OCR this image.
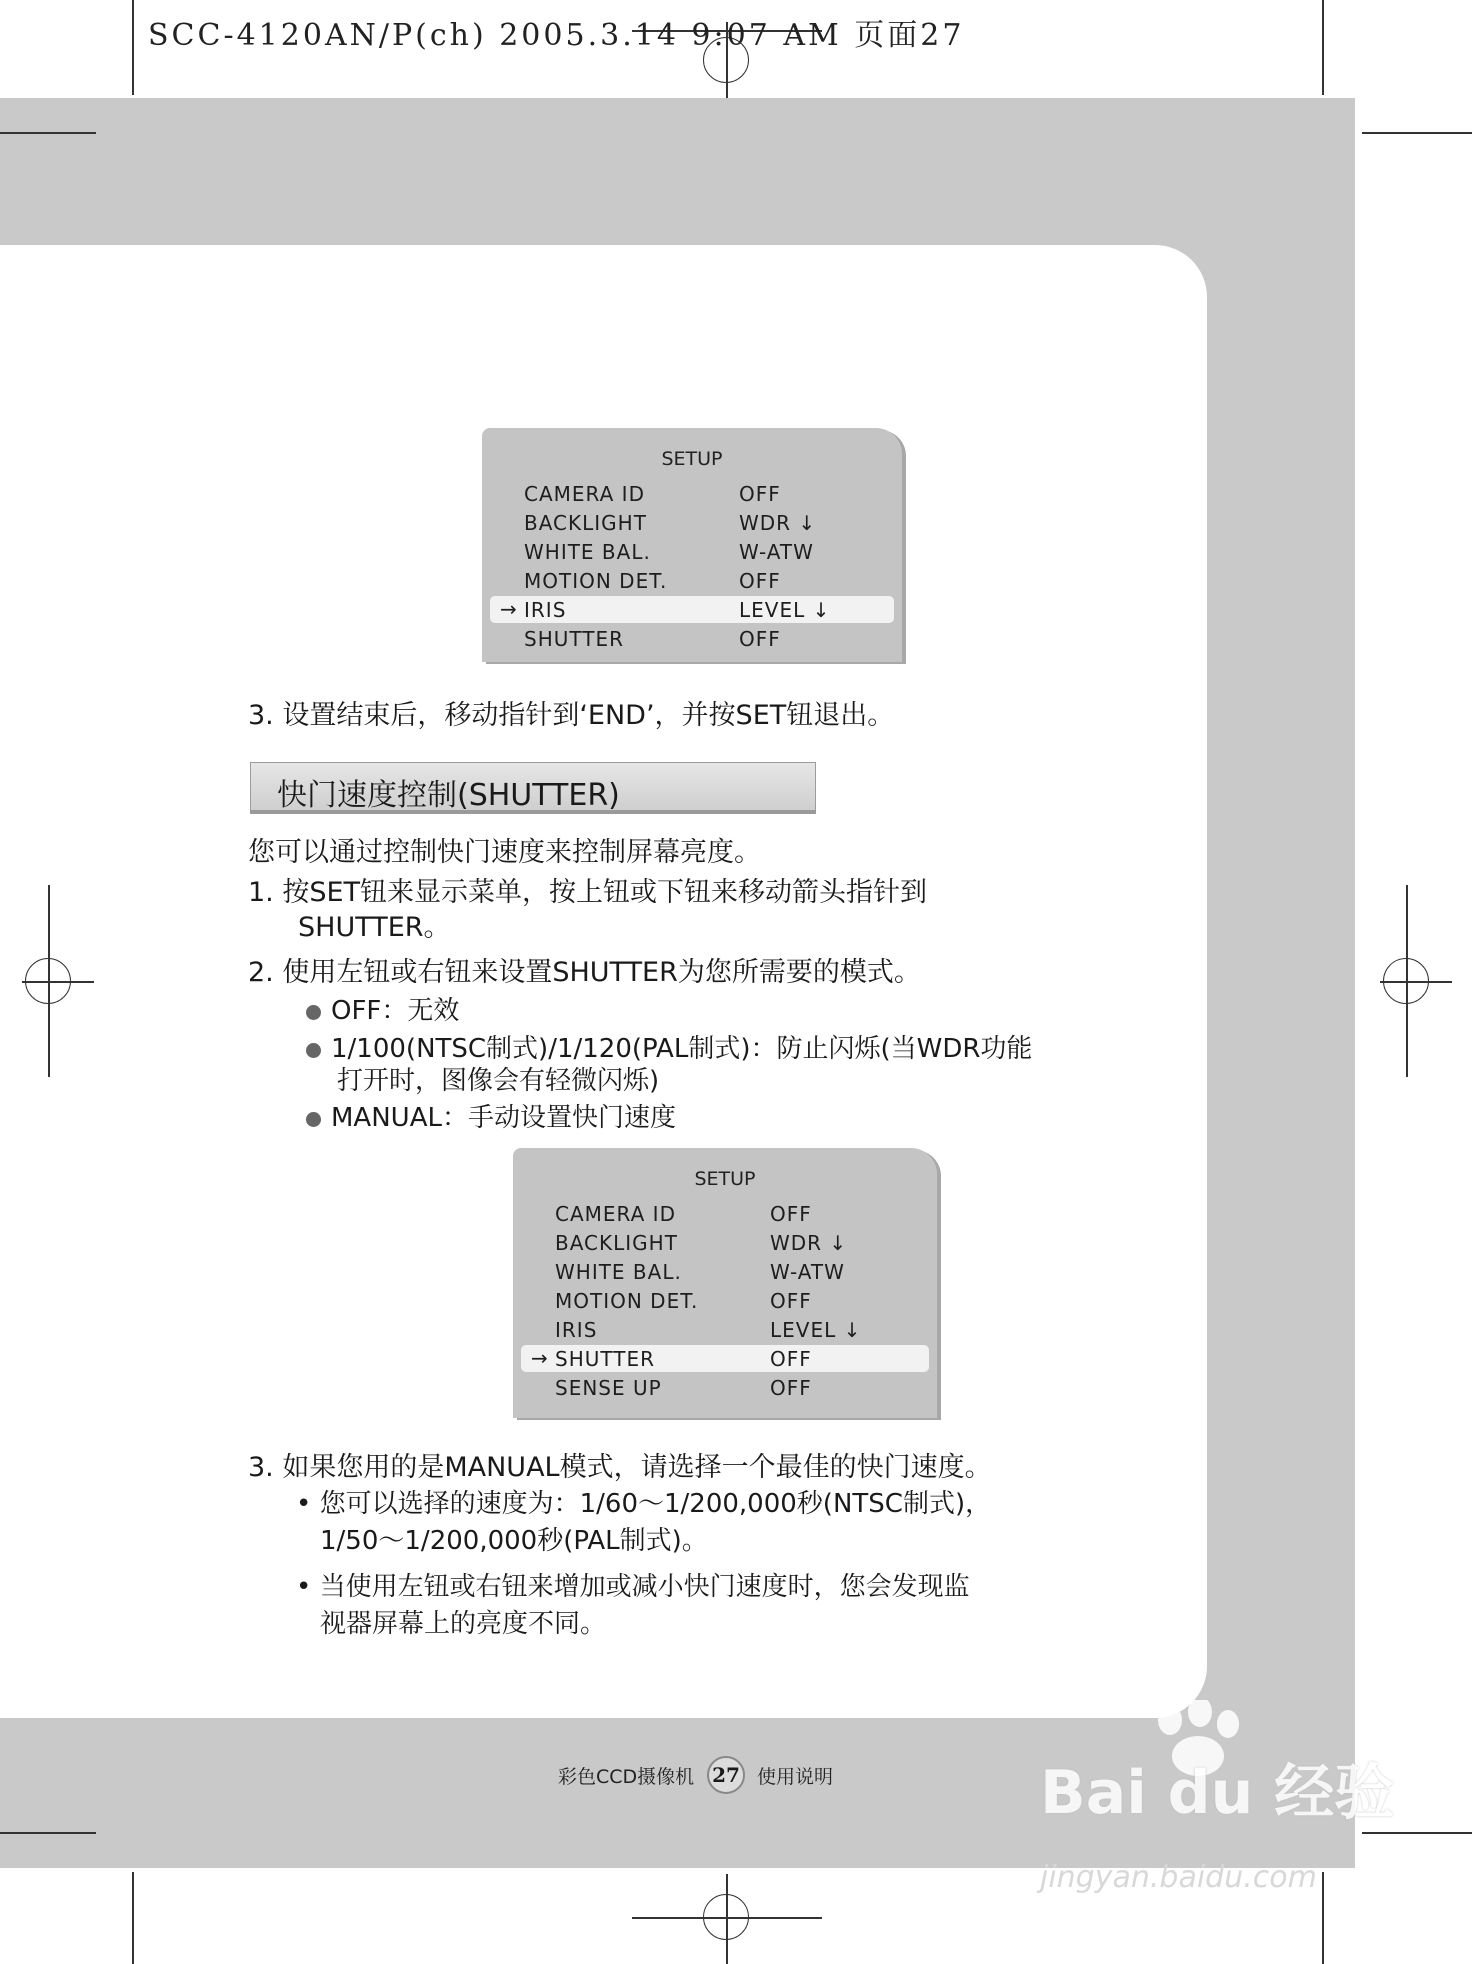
SCC-4120AN/P(ch) 2005.3.14 9:07 AM 页面27
SETUP
CAMERA ID	OFF
BACKLIGHT	WDR ↓
WHITE BAL.	W-ATW
MOTION DET.	OFF
→ IRIS	LEVEL ↓
SHUTTER	OFF
3. 设置结束后，移动指针到‘END’，并按SET钮退出。
快门速度控制(SHUTTER)
您可以通过控制快门速度来控制屏幕亮度。
1. 按SET钮来显示菜单，按上钮或下钮来移动箭头指针到
SHUTTER。
2. 使用左钮或右钮来设置SHUTTER为您所需要的模式。
OFF：无效
1/100(NTSC制式)/1/120(PAL制式)：防止闪烁(当WDR功能
打开时，图像会有轻微闪烁)
MANUAL：手动设置快门速度
SETUP
CAMERA ID	OFF
BACKLIGHT	WDR ↓
WHITE BAL.	W-ATW
MOTION DET.	OFF
IRIS	LEVEL ↓
→ SHUTTER	OFF
SENSE UP	OFF
3. 如果您用的是MANUAL模式，请选择一个最佳的快门速度。
• 您可以选择的速度为：1/60～1/200,000秒(NTSC制式)，
1/50～1/200,000秒(PAL制式)。
• 当使用左钮或右钮来增加或减小快门速度时，您会发现监
视器屏幕上的亮度不同。
彩色CCD摄像机 27 使用说明	Bai du 经验
jingyan.baidu.com
